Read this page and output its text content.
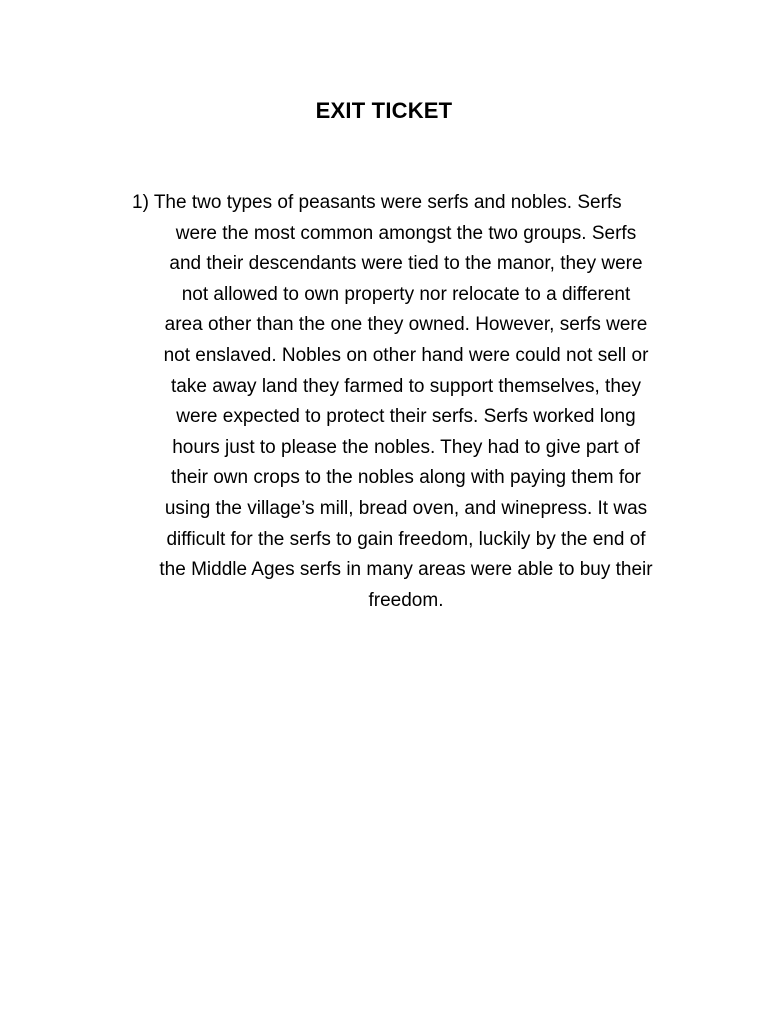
EXIT TICKET

1) The two types of peasants were serfs and nobles. Serfs
were the most common amongst the two groups. Serfs
and their descendants were tied to the manor, they were
not allowed to own property nor relocate to a different
area other than the one they owned. However, serfs were
not enslaved. Nobles on other hand were could not sell or
take away land they farmed to support themselves, they
were expected to protect their serfs. Serfs worked long
hours just to please the nobles. They had to give part of
their own crops to the nobles along with paying them for
using the village’s mill, bread oven, and winepress. It was
difficult for the serfs to gain freedom, luckily by the end of
the Middle Ages serfs in many areas were able to buy their
freedom.
